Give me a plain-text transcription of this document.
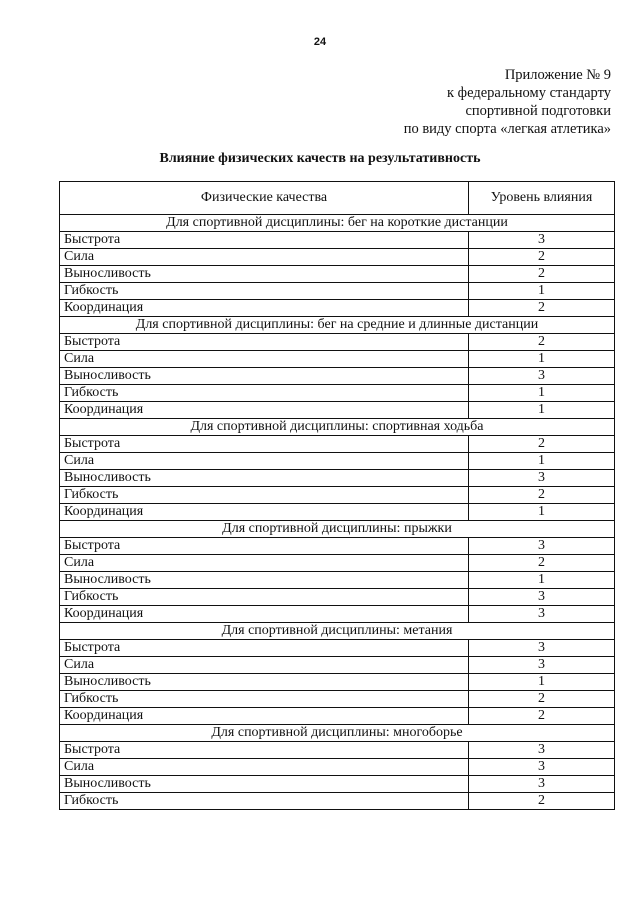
24
Приложение № 9
к федеральному стандарту
спортивной подготовки
по виду спорта «легкая атлетика»
Влияние физических качеств на результативность
Физические качества	Уровень влияния
Для спортивной дисциплины: бег на короткие дистанции	
Быстрота	3
Сила	2
Выносливость	2
Гибкость	1
Координация	2
Для спортивной дисциплины: бег на средние и длинные дистанции	
Быстрота	2
Сила	1
Выносливость	3
Гибкость	1
Координация	1
Для спортивной дисциплины: спортивная ходьба	
Быстрота	2
Сила	1
Выносливость	3
Гибкость	2
Координация	1
Для спортивной дисциплины: прыжки	
Быстрота	3
Сила	2
Выносливость	1
Гибкость	3
Координация	3
Для спортивной дисциплины: метания	
Быстрота	3
Сила	3
Выносливость	1
Гибкость	2
Координация	2
Для спортивной дисциплины: многоборье	
Быстрота	3
Сила	3
Выносливость	3
Гибкость	2
